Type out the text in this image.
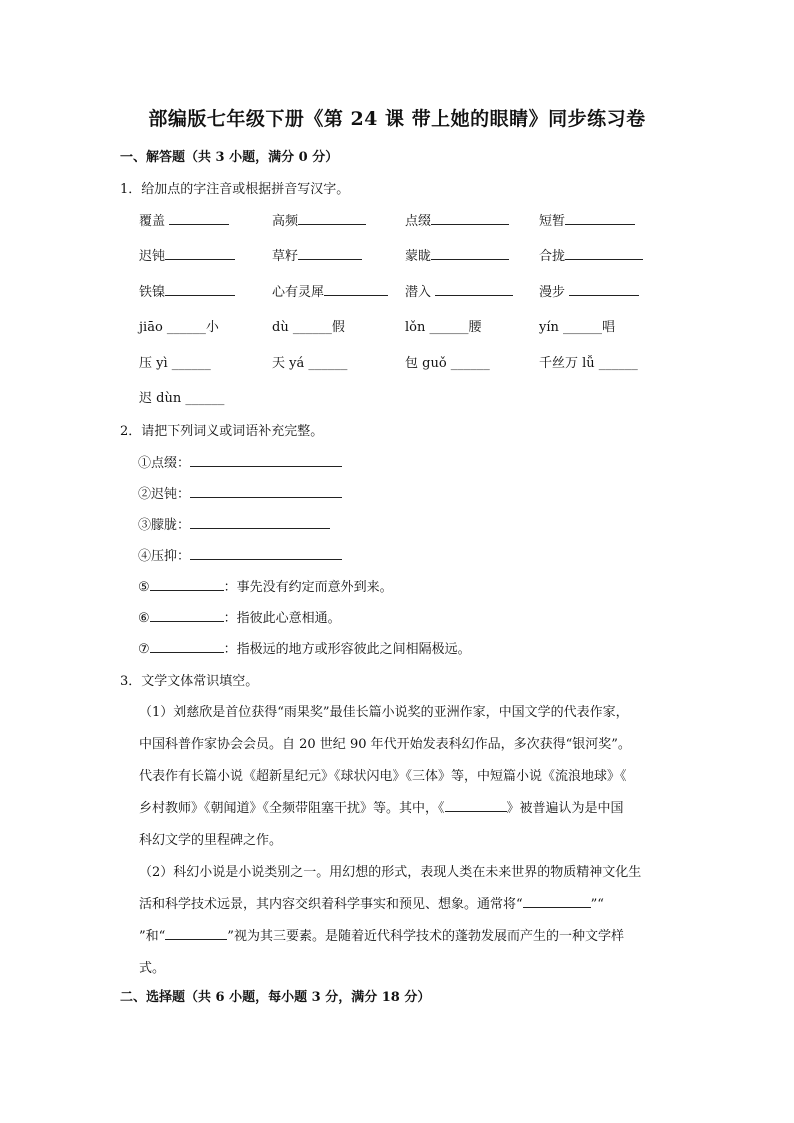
部编版七年级下册《第 24 课 带上她的眼睛》同步练习卷
一、解答题（共 3 小题，满分 0 分）
1．给加点的字注音或根据拼音写汉字。
覆盖	高频	点缀	短暂
迟钝	草籽	蒙眬	合拢
铁镍	心有灵犀	潜入	漫步
jiāo ______小	dù ______假	lǒn ______腰	yín ______唱
压 yì ______	天 yá ______	包 guǒ ______	千丝万 lǚ ______
迟 dùn ______
2．请把下列词义或词语补充完整。
①点缀：
②迟钝：
③朦胧：
④压抑：
⑤	：事先没有约定而意外到来。
⑥	：指彼此心意相通。
⑦	：指极远的地方或形容彼此之间相隔极远。
3．文学文体常识填空。
（1）刘慈欣是首位获得“雨果奖”最佳长篇小说奖的亚洲作家，中国文学的代表作家，
中国科普作家协会会员。自 20 世纪 90 年代开始发表科幻作品，多次获得“银河奖”。
代表作有长篇小说《超新星纪元》《球状闪电》《三体》等，中短篇小说《流浪地球》《
乡村教师》《朝闻道》《全频带阻塞干扰》等。其中，《	》被普遍认为是中国
科幻文学的里程碑之作。
（2）科幻小说是小说类别之一。用幻想的形式，表现人类在未来世界的物质精神文化生
活和科学技术远景，其内容交织着科学事实和预见、想象。通常将“	”“
”和“	”视为其三要素。是随着近代科学技术的蓬勃发展而产生的一种文学样
式。
二、选择题（共 6 小题，每小题 3 分，满分 18 分）
